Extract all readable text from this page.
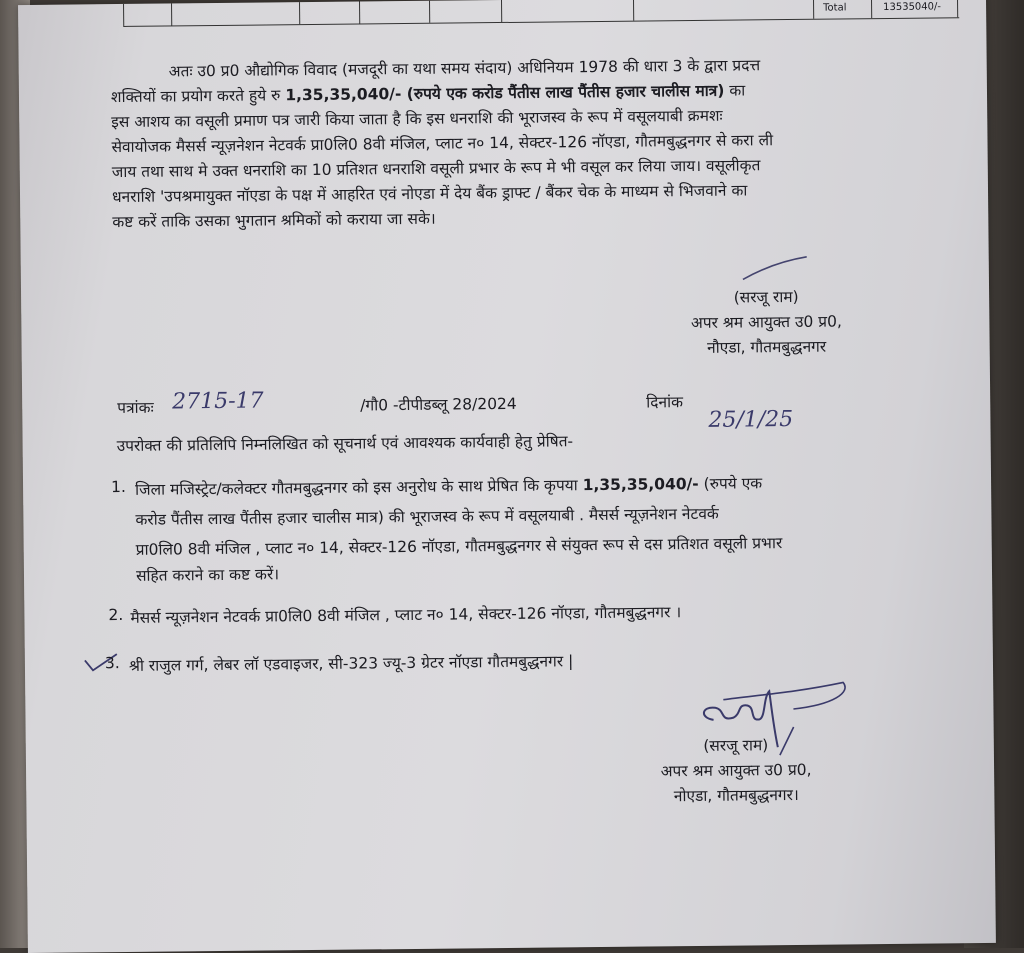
Total	13535040/-
अतः उ0 प्र0 औद्योगिक विवाद (मजदूरी का यथा समय संदाय) अधिनियम 1978 की धारा 3 के द्वारा प्रदत्त
शक्तियों का प्रयोग करते हुये रु 1,35,35,040/- (रुपये एक करोड पैंतीस लाख पैंतीस हजार चालीस मात्र) का
इस आशय का वसूली प्रमाण पत्र जारी किया जाता है कि इस धनराशि की भूराजस्व के रूप में वसूलयाबी क्रमशः
सेवायोजक मैसर्स न्यूज़नेशन नेटवर्क प्रा0लि0 8वी मंजिल, प्लाट न० 14, सेक्टर-126 नॉएडा, गौतमबुद्धनगर से करा ली
जाय तथा साथ मे उक्त धनराशि का 10 प्रतिशत धनराशि वसूली प्रभार के रूप मे भी वसूल कर लिया जाय। वसूलीकृत
धनराशि 'उपश्रमायुक्त नॉएडा के पक्ष में आहरित एवं नोएडा में देय बैंक ड्राफ्ट / बैंकर चेक के माध्यम से भिजवाने का
कष्ट करें ताकि उसका भुगतान श्रमिकों को कराया जा सके।
(सरजू राम)
अपर श्रम आयुक्त उ0 प्र0,
नौएडा, गौतमबुद्धनगर
पत्रांकः 2715-17	/गौ0 -टीपीडब्लू 28/2024	दिनांक
25/1/25
उपरोक्त की प्रतिलिपि निम्नलिखित को सूचनार्थ एवं आवश्यक कार्यवाही हेतु प्रेषित-
1. जिला मजिस्ट्रेट/कलेक्टर गौतमबुद्धनगर को इस अनुरोध के साथ प्रेषित कि कृपया 1,35,35,040/- (रुपये एक
करोड पैंतीस लाख पैंतीस हजार चालीस मात्र) की भूराजस्व के रूप में वसूलयाबी . मैसर्स न्यूज़नेशन नेटवर्क
प्रा0लि0 8वी मंजिल , प्लाट न० 14, सेक्टर-126 नॉएडा, गौतमबुद्धनगर से संयुक्त रूप से दस प्रतिशत वसूली प्रभार
सहित कराने का कष्ट करें।
2. मैसर्स न्यूज़नेशन नेटवर्क प्रा0लि0 8वी मंजिल , प्लाट न० 14, सेक्टर-126 नॉएडा, गौतमबुद्धनगर ।
3. श्री राजुल गर्ग, लेबर लॉ एडवाइजर, सी-323 ज्यू-3 ग्रेटर नॉएडा गौतमबुद्धनगर |
(सरजू राम)
अपर श्रम आयुक्त उ0 प्र0,
नोएडा, गौतमबुद्धनगर।
